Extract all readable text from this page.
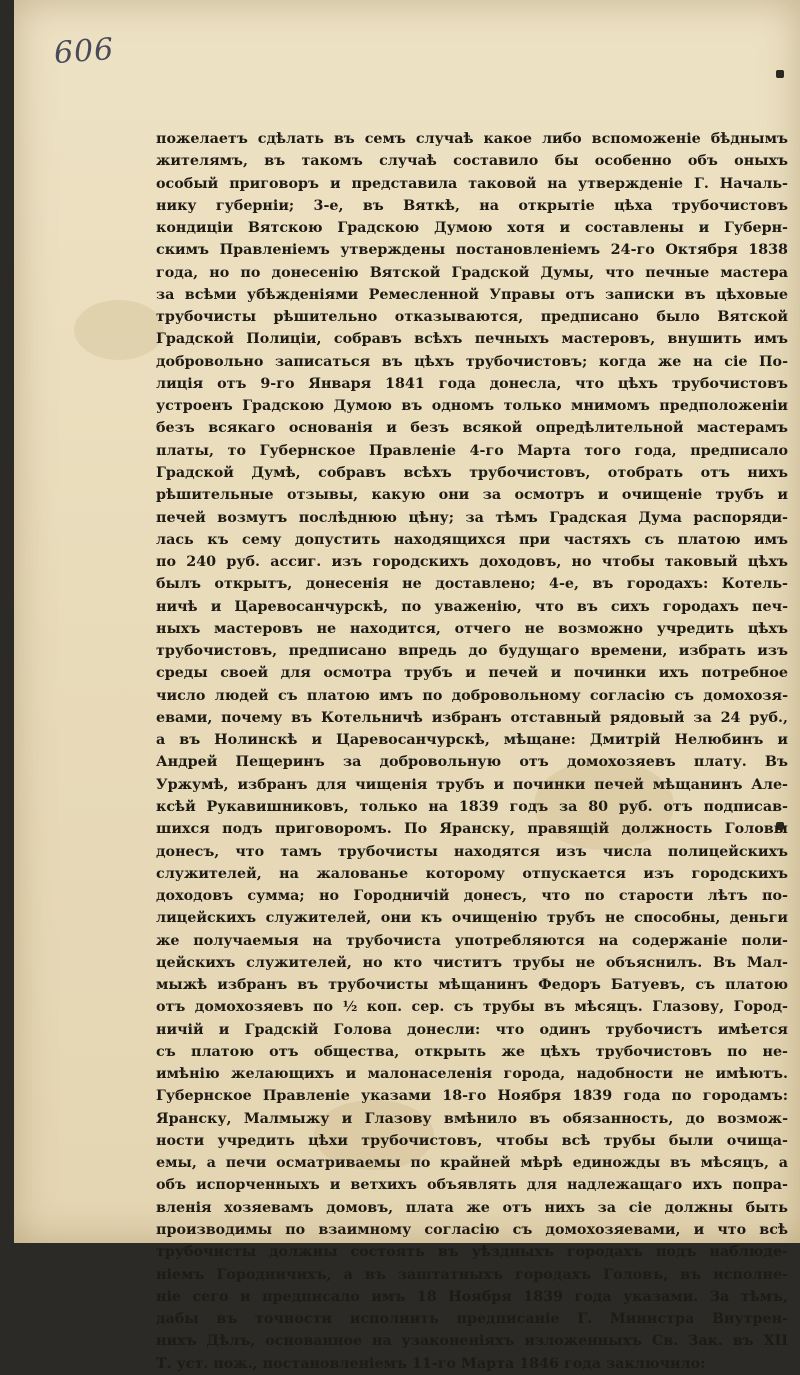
606
пожелаетъ сдѣлать въ семъ случаѣ какое либо вспоможеніе бѣднымъ
жителямъ, въ такомъ случаѣ составило бы особенно объ оныхъ
особый приговоръ и представила таковой на утвержденіе Г. Началь-
нику губерніи; 3-е, въ Вяткѣ, на открытіе цѣха трубочистовъ
кондиціи Вятскою Градскою Думою хотя и составлены и Губерн-
скимъ Правленіемъ утверждены постановленіемъ 24-го Октября 1838
года, но по донесенію Вятской Градской Думы, что печные мастера
за всѣми убѣжденіями Ремесленной Управы отъ записки въ цѣховые
трубочисты рѣшительно отказываются, предписано было Вятской
Градской Полиціи, собравъ всѣхъ печныхъ мастеровъ, внушить имъ
добровольно записаться въ цѣхъ трубочистовъ; когда же на сіе По-
лиція отъ 9-го Января 1841 года донесла, что цѣхъ трубочистовъ
устроенъ Градскою Думою въ одномъ только мнимомъ предположеніи
безъ всякаго основанія и безъ всякой опредѣлительной мастерамъ
платы, то Губернское Правленіе 4-го Марта того года, предписало
Градской Думѣ, собравъ всѣхъ трубочистовъ, отобрать отъ нихъ
рѣшительные отзывы, какую они за осмотръ и очищеніе трубъ и
печей возмутъ послѣднюю цѣну; за тѣмъ Градская Дума распоряди-
лась къ сему допустить находящихся при частяхъ съ платою имъ
по 240 руб. ассиг. изъ городскихъ доходовъ, но чтобы таковый цѣхъ
былъ открытъ, донесенія не доставлено; 4-е, въ городахъ: Котель-
ничѣ и Царевосанчурскѣ, по уваженію, что въ сихъ городахъ печ-
ныхъ мастеровъ не находится, отчего не возможно учредить цѣхъ
трубочистовъ, предписано впредь до будущаго времени, избрать изъ
среды своей для осмотра трубъ и печей и починки ихъ потребное
число людей съ платою имъ по добровольному согласію съ домохозя-
евами, почему въ Котельничѣ избранъ отставный рядовый за 24 руб.,
а въ Нолинскѣ и Царевосанчурскѣ, мѣщане: Дмитрій Нелюбинъ и
Андрей Пещеринъ за добровольную отъ домохозяевъ плату. Въ
Уржумѣ, избранъ для чищенія трубъ и починки печей мѣщанинъ Але-
ксѣй Рукавишниковъ, только на 1839 годъ за 80 руб. отъ подписав-
шихся подъ приговоромъ. По Яранску, правящій должность Головы
донесъ, что тамъ трубочисты находятся изъ числа полицейскихъ
служителей, на жалованье которому отпускается изъ городскихъ
доходовъ сумма; но Городничій донесъ, что по старости лѣтъ по-
лицейскихъ служителей, они къ очищенію трубъ не способны, деньги
же получаемыя на трубочиста употребляются на содержаніе поли-
цейскихъ служителей, но кто чиститъ трубы не объяснилъ. Въ Мал-
мыжѣ избранъ въ трубочисты мѣщанинъ Федоръ Батуевъ, съ платою
отъ домохозяевъ по ½ коп. сер. съ трубы въ мѣсяцъ. Глазову, Город-
ничій и Градскій Голова донесли: что одинъ трубочистъ имѣется
съ платою отъ общества, открыть же цѣхъ трубочистовъ по не-
имѣнію желающихъ и малонаселенія города, надобности не имѣютъ.
Губернское Правленіе указами 18-го Ноября 1839 года по городамъ:
Яранску, Малмыжу и Глазову вмѣнило въ обязанность, до возмож-
ности учредить цѣхи трубочистовъ, чтобы всѣ трубы были очища-
емы, а печи осматриваемы по крайней мѣрѣ единожды въ мѣсяцъ, а
объ испорченныхъ и ветхихъ объявлять для надлежащаго ихъ попра-
вленія хозяевамъ домовъ, плата же отъ нихъ за сіе должны быть
производимы по взаимному согласію съ домохозяевами, и что всѣ
трубочисты должны состоять въ уѣздныхъ городахъ подъ наблюде-
ніемъ Городничихъ, а въ заштатныхъ городахъ Головъ, въ исполне-
ніе сего и предписало имъ 18 Ноября 1839 года указами. За тѣмъ,
дабы въ точности исполнить предписаніе Г. Министра Внутрен-
нихъ Дѣлъ, основанное на узаконеніяхъ изложенныхъ Св. Зак. въ XII
Т. уст. пож., постановленіемъ 11-го Марта 1846 года заключило:
